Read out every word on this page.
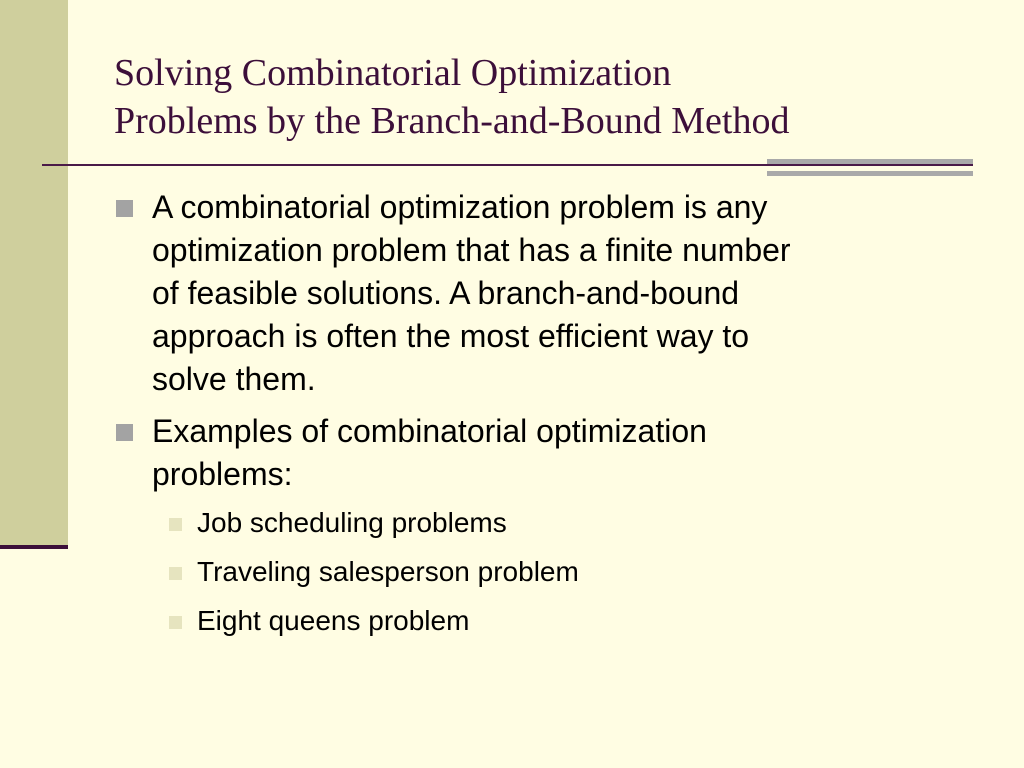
Solving Combinatorial Optimization
Problems by the Branch-and-Bound Method
A combinatorial optimization problem is any
optimization problem that has a finite number
of feasible solutions. A branch-and-bound
approach is often the most efficient way to
solve them.
Examples of combinatorial optimization
problems:
Job scheduling problems
Traveling salesperson problem
Eight queens problem
